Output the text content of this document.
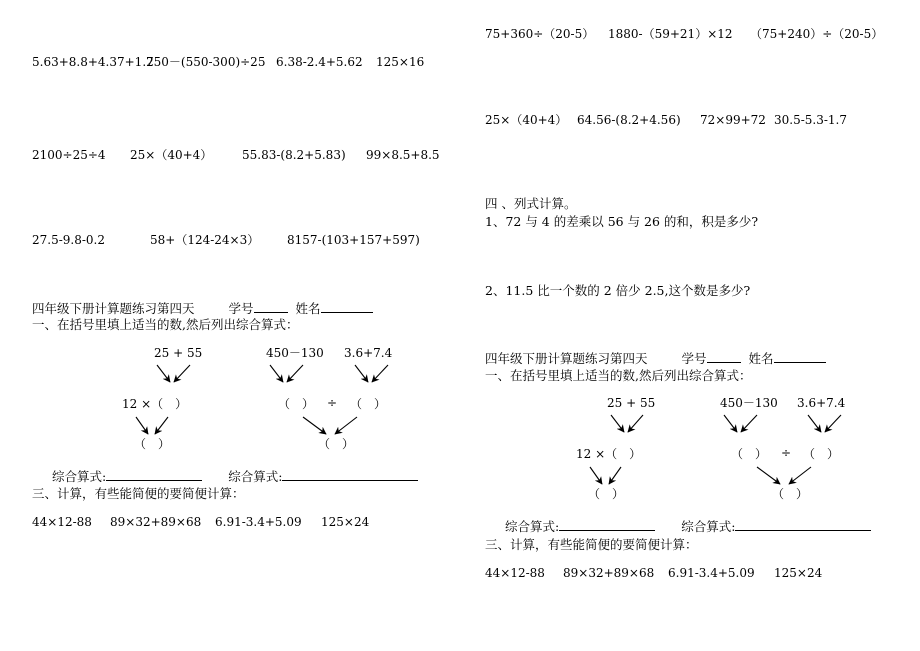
5.63+8.8+4.37+1.2
750－(550-300)÷25 6.38-2.4+5.62 125×16
2100÷25÷4 25×（40+4） 55.83-(8.2+5.83) 99×8.5+8.5
27.5-9.8-0.2	58+（124-24×3） 8157-(103+157+597)
四年级下册计算题练习第四天	学号	姓名
一、在括号里填上适当的数,然后列出综合算式：
25 + 55	450－130 3.6+7.4
12 ×（　）	（　） ÷ （　）
（　）	（　）
综合算式:	综合算式:
三、计算，有些能简便的要简便计算：
44×12-88 89×32+89×68 6.91-3.4+5.09 125×24
75+360÷（20-5） 1880-（59+21）×12 （75+240）÷（20-5）
25×（40+4） 64.56-(8.2+4.56) 72×99+72 30.5-5.3-1.7
四 、列式计算。
1、72 与 4 的差乘以 56 与 26 的和，积是多少?
2、11.5 比一个数的 2 倍少 2.5,这个数是多少?
四年级下册计算题练习第四天	学号	姓名
一、在括号里填上适当的数,然后列出综合算式：
25 + 55	450－130 3.6+7.4
12 ×（　）	（　） ÷ （　）
（　）	（　）
综合算式:	综合算式:
三、计算，有些能简便的要简便计算：
44×12-88 89×32+89×68 6.91-3.4+5.09 125×24
